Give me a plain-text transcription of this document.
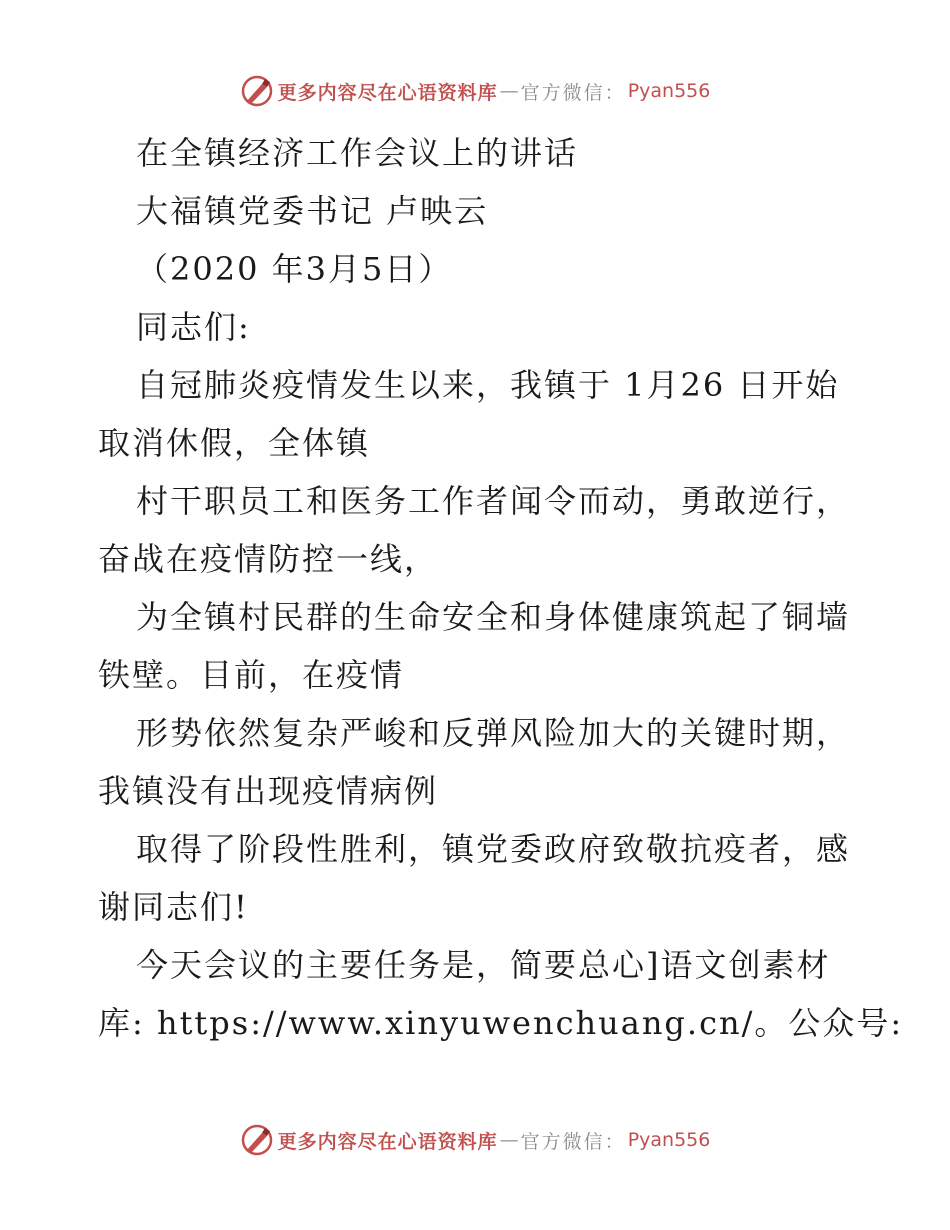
更多内容尽在心语资料库 — 官方微信： Pyan556

在全镇经济工作会议上的讲话

大福镇党委书记 卢映云

（2020 年3月5日）

同志们:

自冠肺炎疫情发生以来，我镇于 1月26 日开始

取消休假，全体镇

村干职员工和医务工作者闻令而动，勇敢逆行，

奋战在疫情防控一线，

为全镇村民群的生命安全和身体健康筑起了铜墙

铁壁。目前，在疫情

形势依然复杂严峻和反弹风险加大的关键时期，

我镇没有出现疫情病例

取得了阶段性胜利，镇党委政府致敬抗疫者，感

谢同志们!

今天会议的主要任务是，简要总心]语文创素材

库: https://www.xinyuwenchuang.cn/。公众号:

更多内容尽在心语资料库 — 官方微信： Pyan556
